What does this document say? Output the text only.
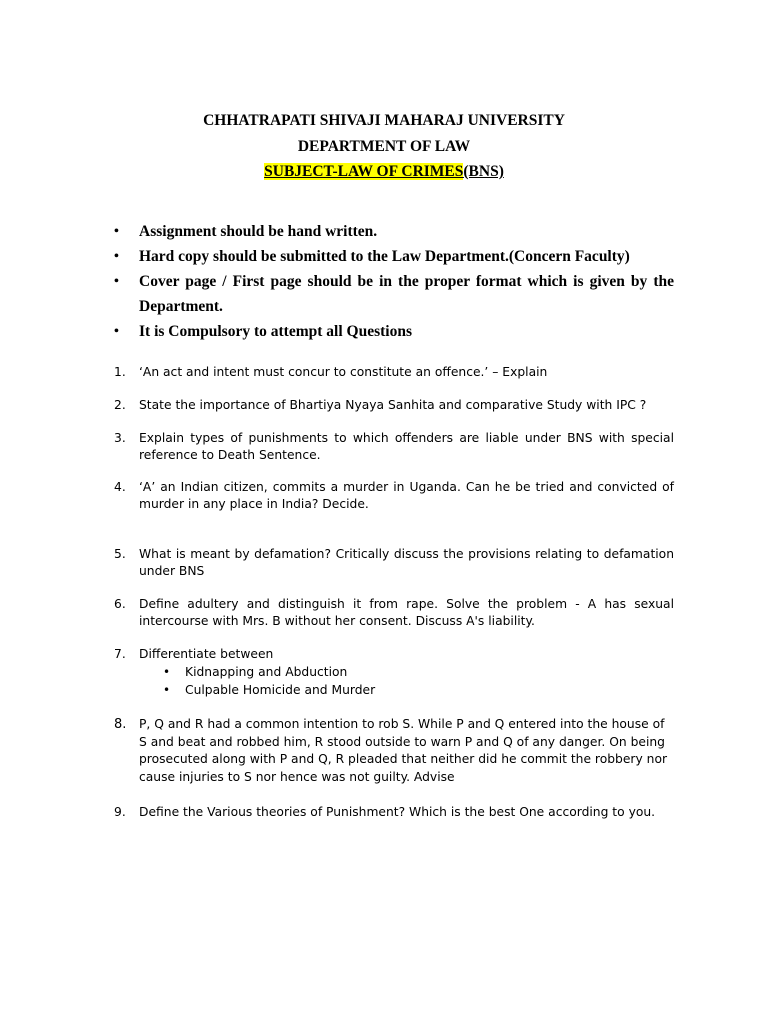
CHHATRAPATI SHIVAJI MAHARAJ UNIVERSITY
DEPARTMENT OF LAW
SUBJECT-LAW OF CRIMES(BNS)
•	Assignment should be hand written.
•	Hard copy should be submitted to the Law Department.(Concern Faculty)
•	Cover page / First page should be in the proper format which is given by the Department.
•	It is Compulsory to attempt all Questions
1.	‘An act and intent must concur to constitute an offence.’ – Explain
2.	State the importance of Bhartiya Nyaya Sanhita and comparative Study with IPC ?
3.	Explain types of punishments to which offenders are liable under BNS with special reference to Death Sentence.
4.	‘A’ an Indian citizen, commits a murder in Uganda. Can he be tried and convicted of murder in any place in India? Decide.
5.	What is meant by defamation? Critically discuss the provisions relating to defamation under BNS
6.	Define adultery and distinguish it from rape. Solve the problem - A has sexual intercourse with Mrs. B without her consent. Discuss A's liability.
7.	Differentiate between
• Kidnapping and Abduction
• Culpable Homicide and Murder
8.	P, Q and R had a common intention to rob S. While P and Q entered into the house of S and beat and robbed him, R stood outside to warn P and Q of any danger. On being prosecuted along with P and Q, R pleaded that neither did he commit the robbery nor cause injuries to S nor hence was not guilty. Advise
9.	Define the Various theories of Punishment? Which is the best One according to you.
